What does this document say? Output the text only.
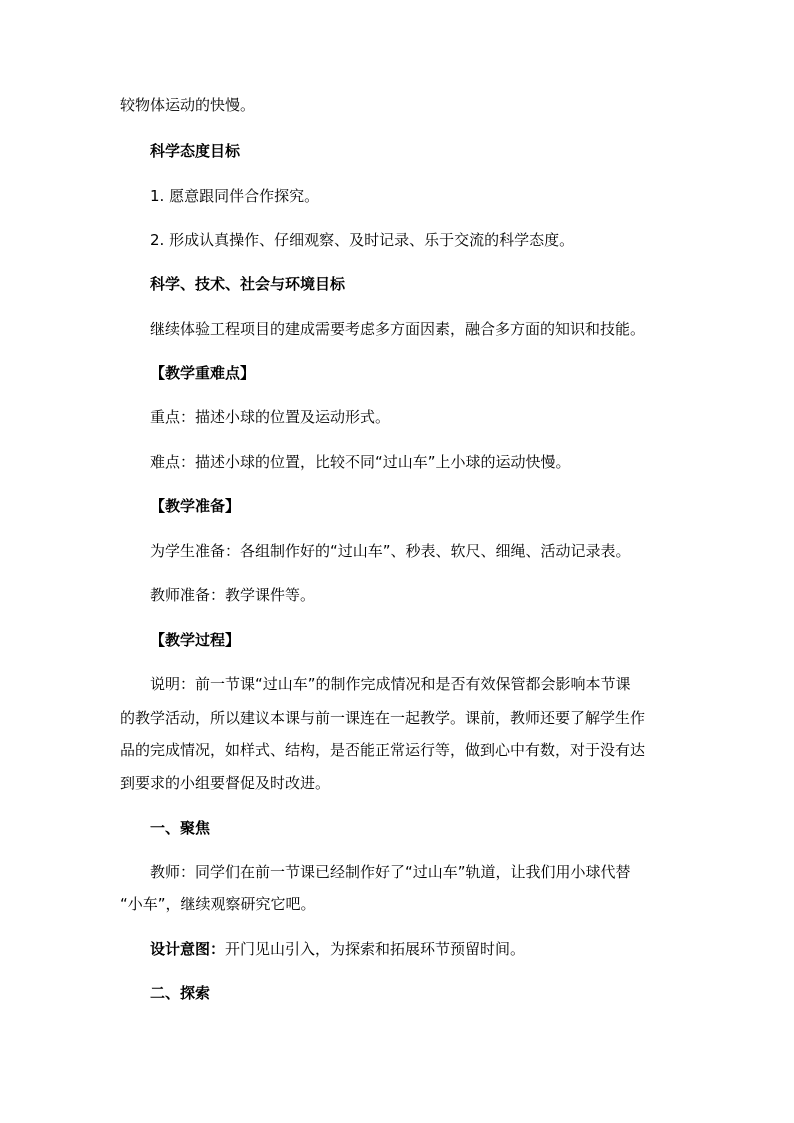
较物体运动的快慢。

科学态度目标

1. 愿意跟同伴合作探究。

2. 形成认真操作、仔细观察、及时记录、乐于交流的科学态度。

科学、技术、社会与环境目标

继续体验工程项目的建成需要考虑多方面因素，融合多方面的知识和技能。

【教学重难点】

重点：描述小球的位置及运动形式。

难点：描述小球的位置，比较不同“过山车”上小球的运动快慢。

【教学准备】

为学生准备：各组制作好的“过山车”、秒表、软尺、细绳、活动记录表。

教师准备：教学课件等。

【教学过程】

说明：前一节课“过山车”的制作完成情况和是否有效保管都会影响本节课

的教学活动，所以建议本课与前一课连在一起教学。课前，教师还要了解学生作

品的完成情况，如样式、结构，是否能正常运行等，做到心中有数，对于没有达

到要求的小组要督促及时改进。

一、聚焦

教师：同学们在前一节课已经制作好了“过山车”轨道，让我们用小球代替

“小车”，继续观察研究它吧。

设计意图：开门见山引入，为探索和拓展环节预留时间。

二、探索
